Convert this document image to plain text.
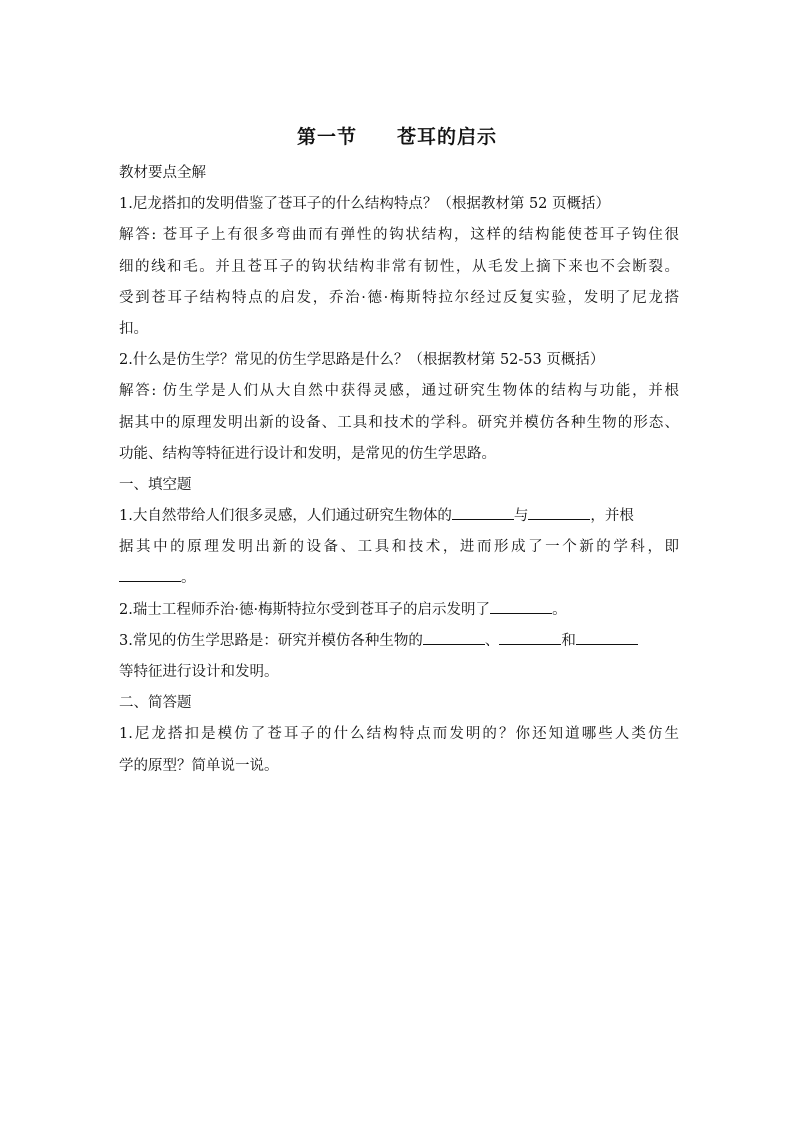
第一节　　苍耳的启示
教材要点全解
1.尼龙搭扣的发明借鉴了苍耳子的什么结构特点？（根据教材第 52 页概括）
解答: 苍耳子上有很多弯曲而有弹性的钩状结构，这样的结构能使苍耳子钩住很
细的线和毛。并且苍耳子的钩状结构非常有韧性，从毛发上摘下来也不会断裂。
受到苍耳子结构特点的启发，乔治·德·梅斯特拉尔经过反复实验，发明了尼龙搭
扣。
2.什么是仿生学？常见的仿生学思路是什么？（根据教材第 52-53 页概括）
解答: 仿生学是人们从大自然中获得灵感，通过研究生物体的结构与功能，并根
据其中的原理发明出新的设备、工具和技术的学科。研究并模仿各种生物的形态、
功能、结构等特征进行设计和发明，是常见的仿生学思路。
一、填空题
1.大自然带给人们很多灵感，人们通过研究生物体的	与	，并根
据其中的原理发明出新的设备、工具和技术，进而形成了一个新的学科，即
。
2.瑞士工程师乔治·德·梅斯特拉尔受到苍耳子的启示发明了	。
3.常见的仿生学思路是：研究并模仿各种生物的	、	和
等特征进行设计和发明。
二、简答题
1.尼龙搭扣是模仿了苍耳子的什么结构特点而发明的？你还知道哪些人类仿生
学的原型？简单说一说。
